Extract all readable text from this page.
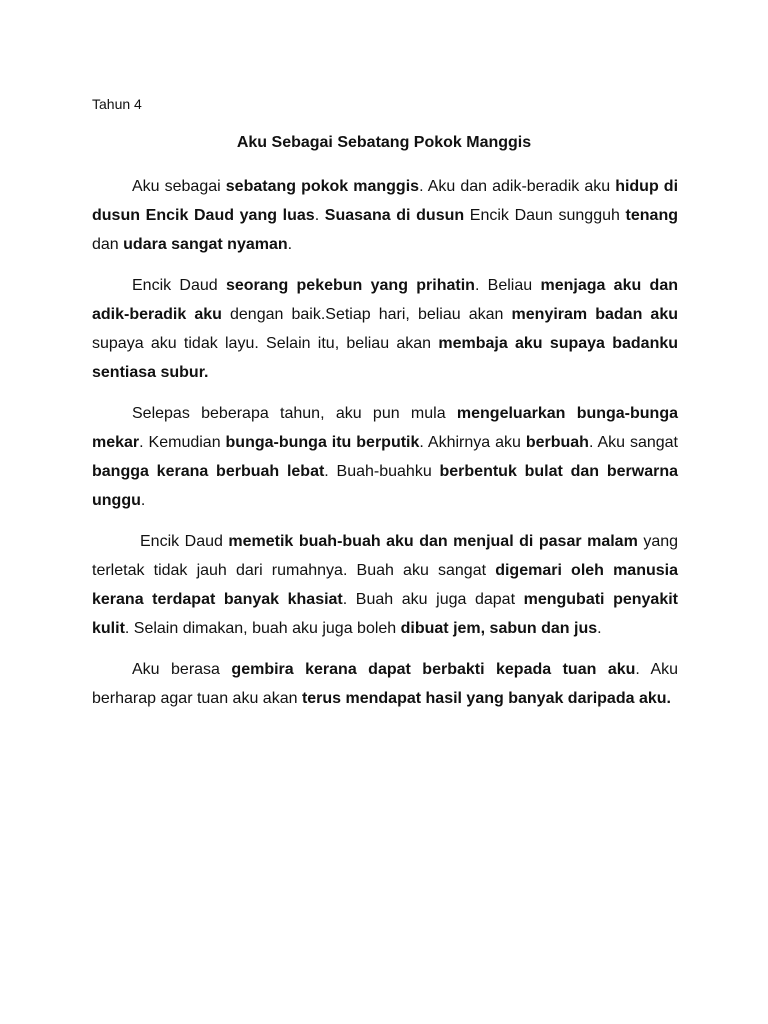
Tahun 4
Aku Sebagai Sebatang Pokok Manggis

Aku sebagai sebatang pokok manggis. Aku dan adik-beradik aku hidup di dusun Encik Daud yang luas. Suasana di dusun Encik Daun sungguh tenang dan udara sangat nyaman.

Encik Daud seorang pekebun yang prihatin. Beliau menjaga aku dan adik-beradik aku dengan baik.Setiap hari, beliau akan menyiram badan aku supaya aku tidak layu. Selain itu, beliau akan membaja aku supaya badanku sentiasa subur.

Selepas beberapa tahun, aku pun mula mengeluarkan bunga-bunga mekar. Kemudian bunga-bunga itu berputik. Akhirnya aku berbuah. Aku sangat bangga kerana berbuah lebat. Buah-buahku berbentuk bulat dan berwarna unggu.

Encik Daud memetik buah-buah aku dan menjual di pasar malam yang terletak tidak jauh dari rumahnya. Buah aku sangat digemari oleh manusia kerana terdapat banyak khasiat. Buah aku juga dapat mengubati penyakit kulit. Selain dimakan, buah aku juga boleh dibuat jem, sabun dan jus.

Aku berasa gembira kerana dapat berbakti kepada tuan aku. Aku berharap agar tuan aku akan terus mendapat hasil yang banyak daripada aku.
